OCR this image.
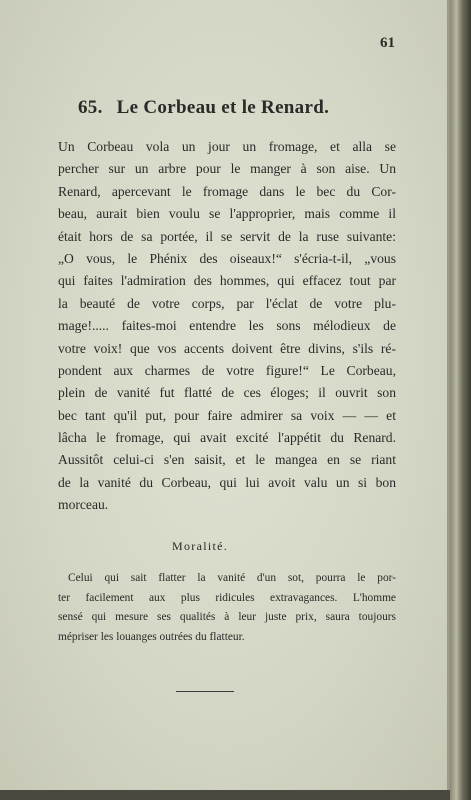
61
65. Le Corbeau et le Renard.
Un Corbeau vola un jour un fromage, et alla se
percher sur un arbre pour le manger à son aise. Un
Renard, apercevant le fromage dans le bec du Cor-
beau, aurait bien voulu se l'approprier, mais comme il
était hors de sa portée, il se servit de la ruse suivante:
„O vous, le Phénix des oiseaux!“ s'écria-t-il, „vous
qui faites l'admiration des hommes, qui effacez tout par
la beauté de votre corps, par l'éclat de votre plu-
mage!..... faites-moi entendre les sons mélodieux de
votre voix! que vos accents doivent être divins, s'ils ré-
pondent aux charmes de votre figure!“ Le Corbeau,
plein de vanité fut flatté de ces éloges; il ouvrit son
bec tant qu'il put, pour faire admirer sa voix — — et
lâcha le fromage, qui avait excité l'appétit du Renard.
Aussitôt celui-ci s'en saisit, et le mangea en se riant
de la vanité du Corbeau, qui lui avoit valu un si bon
morceau.
Moralité.
Celui qui sait flatter la vanité d'un sot, pourra le por-
ter facilement aux plus ridicules extravagances. L'homme
sensé qui mesure ses qualités à leur juste prix, saura toujours
mépriser les louanges outrées du flatteur.
